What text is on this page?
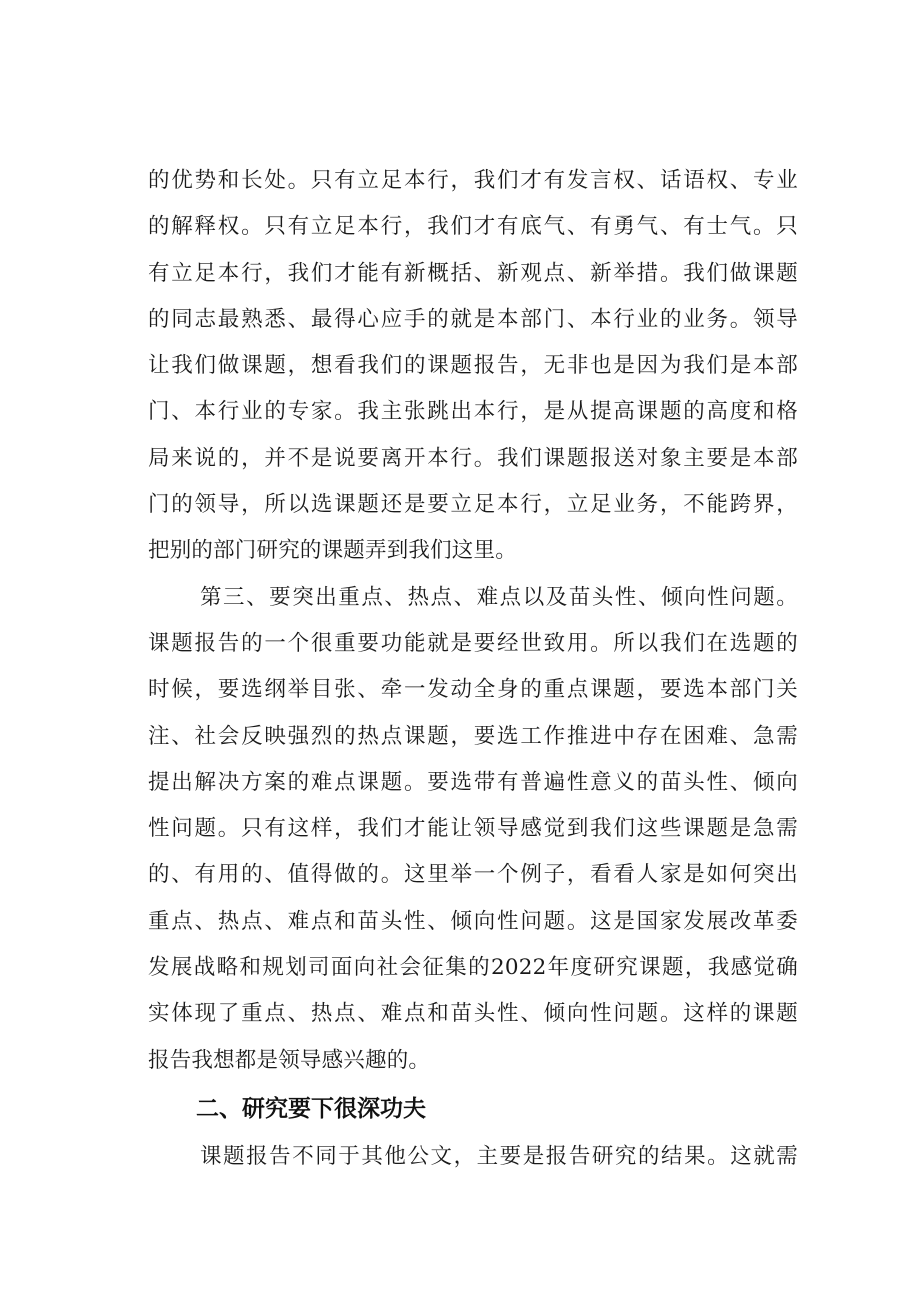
的优势和长处。只有立足本行，我们才有发言权、话语权、专业
的解释权。只有立足本行，我们才有底气、有勇气、有士气。只
有立足本行，我们才能有新概括、新观点、新举措。我们做课题
的同志最熟悉、最得心应手的就是本部门、本行业的业务。领导
让我们做课题，想看我们的课题报告，无非也是因为我们是本部
门、本行业的专家。我主张跳出本行，是从提高课题的高度和格
局来说的，并不是说要离开本行。我们课题报送对象主要是本部
门的领导，所以选课题还是要立足本行，立足业务，不能跨界，
把别的部门研究的课题弄到我们这里。
第三、要突出重点、热点、难点以及苗头性、倾向性问题。
课题报告的一个很重要功能就是要经世致用。所以我们在选题的
时候，要选纲举目张、牵一发动全身的重点课题，要选本部门关
注、社会反映强烈的热点课题，要选工作推进中存在困难、急需
提出解决方案的难点课题。要选带有普遍性意义的苗头性、倾向
性问题。只有这样，我们才能让领导感觉到我们这些课题是急需
的、有用的、值得做的。这里举一个例子，看看人家是如何突出
重点、热点、难点和苗头性、倾向性问题。这是国家发展改革委
发展战略和规划司面向社会征集的2022年度研究课题，我感觉确
实体现了重点、热点、难点和苗头性、倾向性问题。这样的课题
报告我想都是领导感兴趣的。
二、研究要下很深功夫
课题报告不同于其他公文，主要是报告研究的结果。这就需
